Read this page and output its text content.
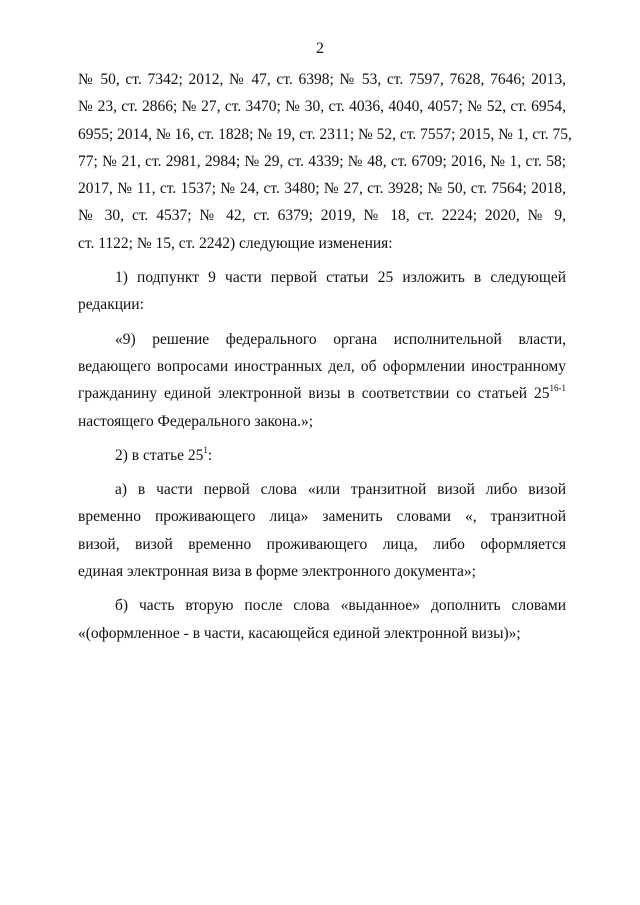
2
№ 50, ст. 7342; 2012, № 47, ст. 6398; № 53, ст. 7597, 7628, 7646; 2013,
№ 23, ст. 2866; № 27, ст. 3470; № 30, ст. 4036, 4040, 4057; № 52, ст. 6954,
6955; 2014, № 16, ст. 1828; № 19, ст. 2311; № 52, ст. 7557; 2015, № 1, ст. 75,
77; № 21, ст. 2981, 2984; № 29, ст. 4339; № 48, ст. 6709; 2016, № 1, ст. 58;
2017, № 11, ст. 1537; № 24, ст. 3480; № 27, ст. 3928; № 50, ст. 7564; 2018,
№ 30, ст. 4537; № 42, ст. 6379; 2019, № 18, ст. 2224; 2020, № 9,
ст. 1122; № 15, ст. 2242) следующие изменения:
1) подпункт 9 части первой статьи 25 изложить в следующей
редакции:
«9) решение федерального органа исполнительной власти,
ведающего вопросами иностранных дел, об оформлении иностранному
гражданину единой электронной визы в соответствии со статьей 25$^{16-1}$
настоящего Федерального закона.»;
2) в статье $25^1$:
а) в части первой слова «или транзитной визой либо визой
временно проживающего лица» заменить словами «, транзитной
визой, визой временно проживающего лица, либо оформляется
единая электронная виза в форме электронного документа»;
б) часть вторую после слова «выданное» дополнить словами
«(оформленное - в части, касающейся единой электронной визы)»;
